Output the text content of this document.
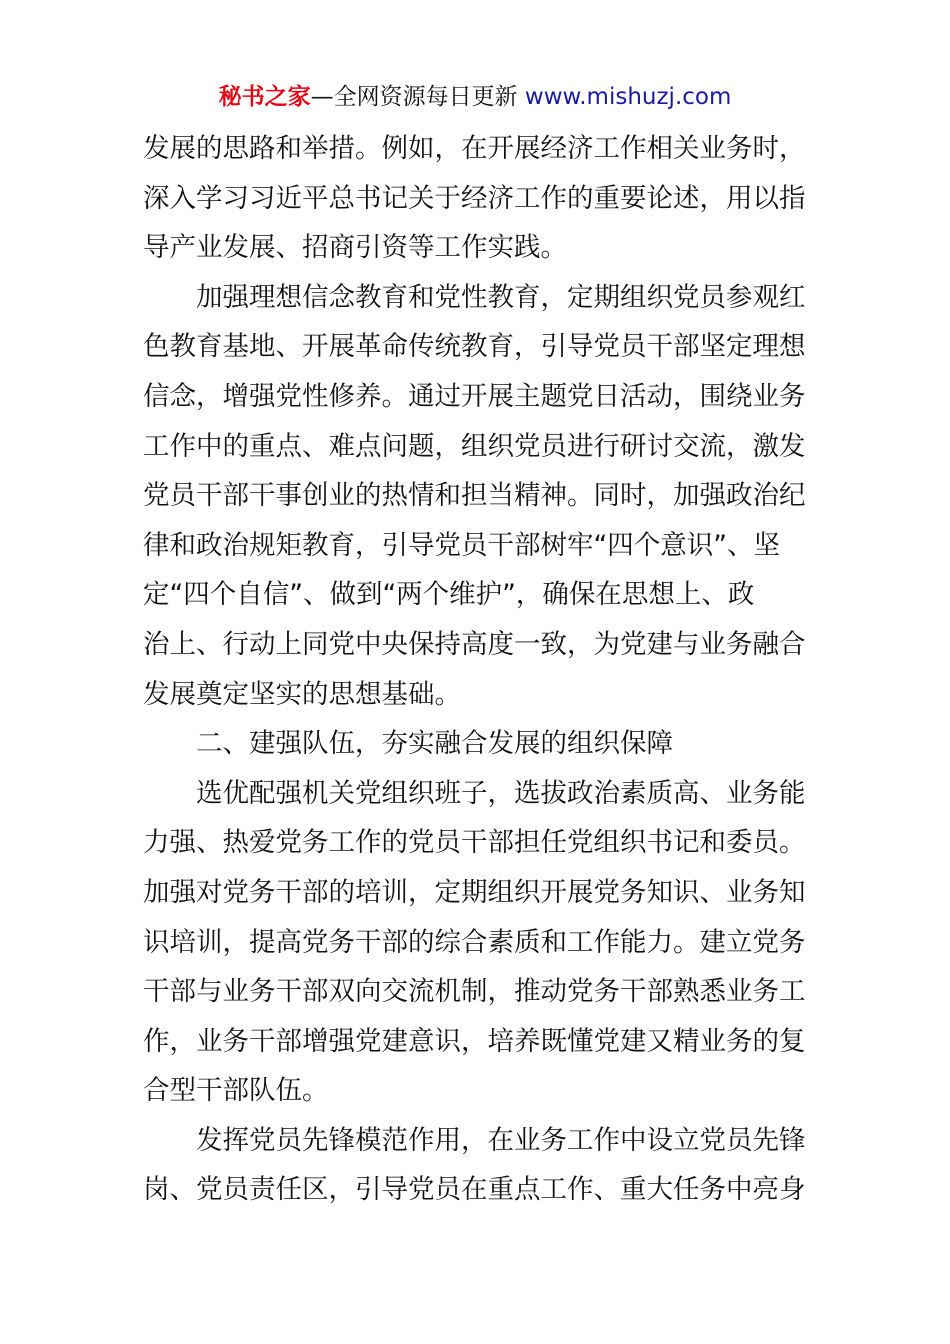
秘书之家—全网资源每日更新 www.mishuzj.com
发展的思路和举措。例如，在开展经济工作相关业务时，
深入学习习近平总书记关于经济工作的重要论述，用以指
导产业发展、招商引资等工作实践。
加强理想信念教育和党性教育，定期组织党员参观红
色教育基地、开展革命传统教育，引导党员干部坚定理想
信念，增强党性修养。通过开展主题党日活动，围绕业务
工作中的重点、难点问题，组织党员进行研讨交流，激发
党员干部干事创业的热情和担当精神。同时，加强政治纪
律和政治规矩教育，引导党员干部树牢“四个意识”、坚
定“四个自信”、做到“两个维护”，确保在思想上、政
治上、行动上同党中央保持高度一致，为党建与业务融合
发展奠定坚实的思想基础。
二、建强队伍，夯实融合发展的组织保障
选优配强机关党组织班子，选拔政治素质高、业务能
力强、热爱党务工作的党员干部担任党组织书记和委员。
加强对党务干部的培训，定期组织开展党务知识、业务知
识培训，提高党务干部的综合素质和工作能力。建立党务
干部与业务干部双向交流机制，推动党务干部熟悉业务工
作，业务干部增强党建意识，培养既懂党建又精业务的复
合型干部队伍。
发挥党员先锋模范作用，在业务工作中设立党员先锋
岗、党员责任区，引导党员在重点工作、重大任务中亮身
